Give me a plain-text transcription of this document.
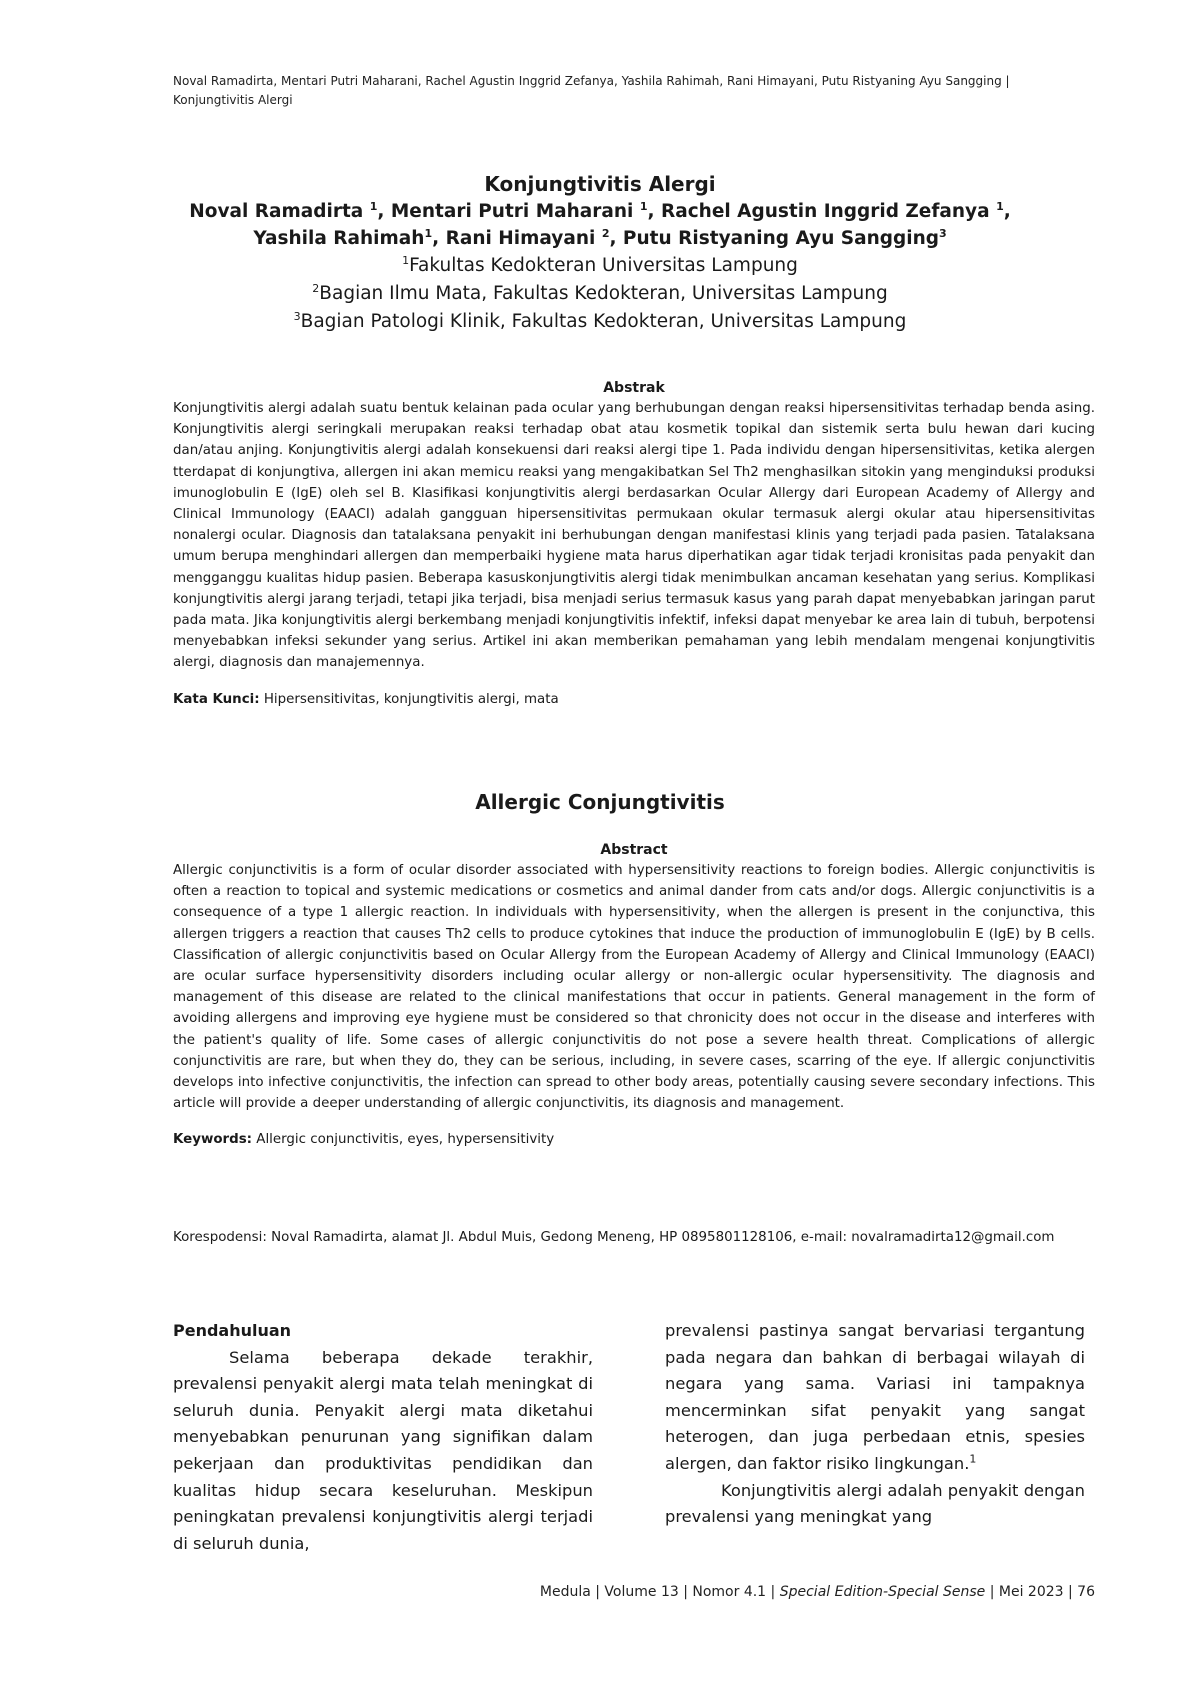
Noval Ramadirta, Mentari Putri Maharani, Rachel Agustin Inggrid Zefanya, Yashila Rahimah, Rani Himayani, Putu Ristyaning Ayu Sangging | Konjungtivitis Alergi
Konjungtivitis Alergi

Noval Ramadirta $^1$, Mentari Putri Maharani $^1$, Rachel Agustin Inggrid Zefanya $^1$,

Yashila Rahimah$^1$, Rani Himayani $^2$, Putu Ristyaning Ayu Sangging$^3$

$^1$Fakultas Kedokteran Universitas Lampung

$^2$Bagian Ilmu Mata, Fakultas Kedokteran, Universitas Lampung

$^3$Bagian Patologi Klinik, Fakultas Kedokteran, Universitas Lampung

Abstrak

Konjungtivitis alergi adalah suatu bentuk kelainan pada ocular yang berhubungan dengan reaksi hipersensitivitas terhadap benda asing. Konjungtivitis alergi seringkali merupakan reaksi terhadap obat atau kosmetik topikal dan sistemik serta bulu hewan dari kucing dan/atau anjing. Konjungtivitis alergi adalah konsekuensi dari reaksi alergi tipe 1. Pada individu dengan hipersensitivitas, ketika alergen tterdapat di konjungtiva, allergen ini akan memicu reaksi yang mengakibatkan Sel Th2 menghasilkan sitokin yang menginduksi produksi imunoglobulin E (IgE) oleh sel B. Klasifikasi konjungtivitis alergi berdasarkan Ocular Allergy dari European Academy of Allergy and Clinical Immunology (EAACI) adalah gangguan hipersensitivitas permukaan okular termasuk alergi okular atau hipersensitivitas nonalergi ocular. Diagnosis dan tatalaksana penyakit ini berhubungan dengan manifestasi klinis yang terjadi pada pasien. Tatalaksana umum berupa menghindari allergen dan memperbaiki hygiene mata harus diperhatikan agar tidak terjadi kronisitas pada penyakit dan mengganggu kualitas hidup pasien. Beberapa kasuskonjungtivitis alergi tidak menimbulkan ancaman kesehatan yang serius. Komplikasi konjungtivitis alergi jarang terjadi, tetapi jika terjadi, bisa menjadi serius termasuk kasus yang parah dapat menyebabkan jaringan parut pada mata. Jika konjungtivitis alergi berkembang menjadi konjungtivitis infektif, infeksi dapat menyebar ke area lain di tubuh, berpotensi menyebabkan infeksi sekunder yang serius. Artikel ini akan memberikan pemahaman yang lebih mendalam mengenai konjungtivitis alergi, diagnosis dan manajemennya.

Kata Kunci: Hipersensitivitas, konjungtivitis alergi, mata

Allergic Conjungtivitis
Abstract

Allergic conjunctivitis is a form of ocular disorder associated with hypersensitivity reactions to foreign bodies. Allergic conjunctivitis is often a reaction to topical and systemic medications or cosmetics and animal dander from cats and/or dogs. Allergic conjunctivitis is a consequence of a type 1 allergic reaction. In individuals with hypersensitivity, when the allergen is present in the conjunctiva, this allergen triggers a reaction that causes Th2 cells to produce cytokines that induce the production of immunoglobulin E (IgE) by B cells. Classification of allergic conjunctivitis based on Ocular Allergy from the European Academy of Allergy and Clinical Immunology (EAACI) are ocular surface hypersensitivity disorders including ocular allergy or non-allergic ocular hypersensitivity. The diagnosis and management of this disease are related to the clinical manifestations that occur in patients. General management in the form of avoiding allergens and improving eye hygiene must be considered so that chronicity does not occur in the disease and interferes with the patient's quality of life. Some cases of allergic conjunctivitis do not pose a severe health threat. Complications of allergic conjunctivitis are rare, but when they do, they can be serious, including, in severe cases, scarring of the eye. If allergic conjunctivitis develops into infective conjunctivitis, the infection can spread to other body areas, potentially causing severe secondary infections. This article will provide a deeper understanding of allergic conjunctivitis, its diagnosis and management.

Keywords: Allergic conjunctivitis, eyes, hypersensitivity

Korespodensi: Noval Ramadirta, alamat Jl. Abdul Muis, Gedong Meneng, HP 0895801128106, e-mail: novalramadirta12@gmail.com
Pendahuluan

Selama beberapa dekade terakhir, prevalensi penyakit alergi mata telah meningkat di seluruh dunia. Penyakit alergi mata diketahui menyebabkan penurunan yang signifikan dalam pekerjaan dan produktivitas pendidikan dan kualitas hidup secara keseluruhan. Meskipun peningkatan prevalensi konjungtivitis alergi terjadi di seluruh dunia,

prevalensi pastinya sangat bervariasi tergantung pada negara dan bahkan di berbagai wilayah di negara yang sama. Variasi ini tampaknya mencerminkan sifat penyakit yang sangat heterogen, dan juga perbedaan etnis, spesies alergen, dan faktor risiko lingkungan.$^1$

Konjungtivitis alergi adalah penyakit dengan prevalensi yang meningkat yang

Medula | Volume 13 | Nomor 4.1 | Special Edition-Special Sense | Mei 2023 | 76
